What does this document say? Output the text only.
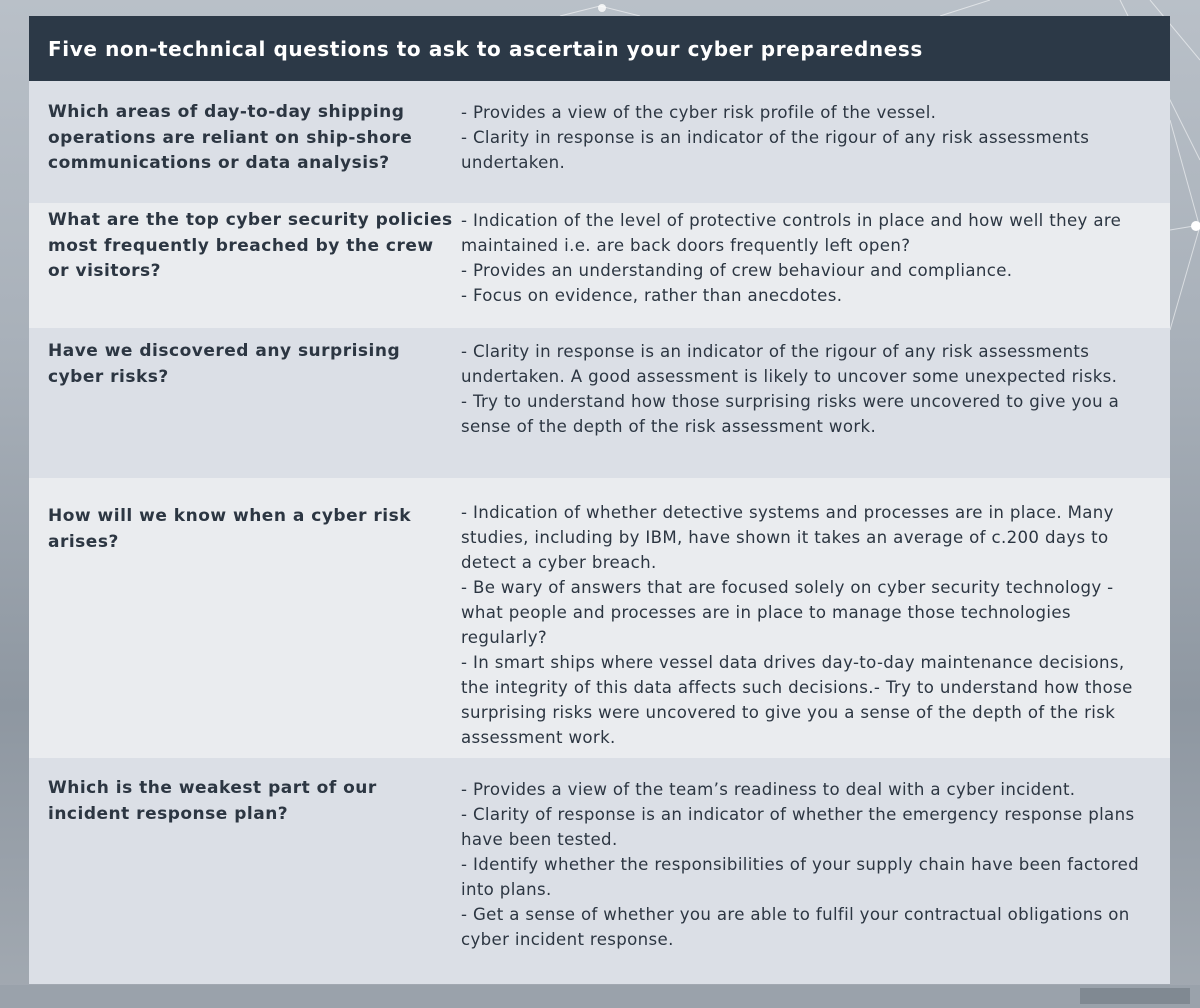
Five non-technical questions to ask to ascertain your cyber preparedness
Which areas of day-to-day shipping operations are reliant on ship-shore communications or data analysis?
- Provides a view of the cyber risk profile of the vessel.
- Clarity in response is an indicator of the rigour of any risk assessments undertaken.
What are the top cyber security policies most frequently breached by the crew or visitors?
- Indication of the level of protective controls in place and how well they are maintained i.e. are back doors frequently left open?
- Provides an understanding of crew behaviour and compliance.
- Focus on evidence, rather than anecdotes.
Have we discovered any surprising cyber risks?
- Clarity in response is an indicator of the rigour of any risk assessments undertaken. A good assessment is likely to uncover some unexpected risks.
- Try to understand how those surprising risks were uncovered to give you a sense of the depth of the risk assessment work.
How will we know when a cyber risk arises?
- Indication of whether detective systems and processes are in place. Many studies, including by IBM, have shown it takes an average of c.200 days to detect a cyber breach.
- Be wary of answers that are focused solely on cyber security technology - what people and processes are in place to manage those technologies regularly?
- In smart ships where vessel data drives day-to-day maintenance decisions, the integrity of this data affects such decisions.- Try to understand how those surprising risks were uncovered to give you a sense of the depth of the risk assessment work.
Which is the weakest part of our incident response plan?
- Provides a view of the team’s readiness to deal with a cyber incident.
- Clarity of response is an indicator of whether the emergency response plans have been tested.
- Identify whether the responsibilities of your supply chain have been factored into plans.
- Get a sense of whether you are able to fulfil your contractual obligations on cyber incident response.
